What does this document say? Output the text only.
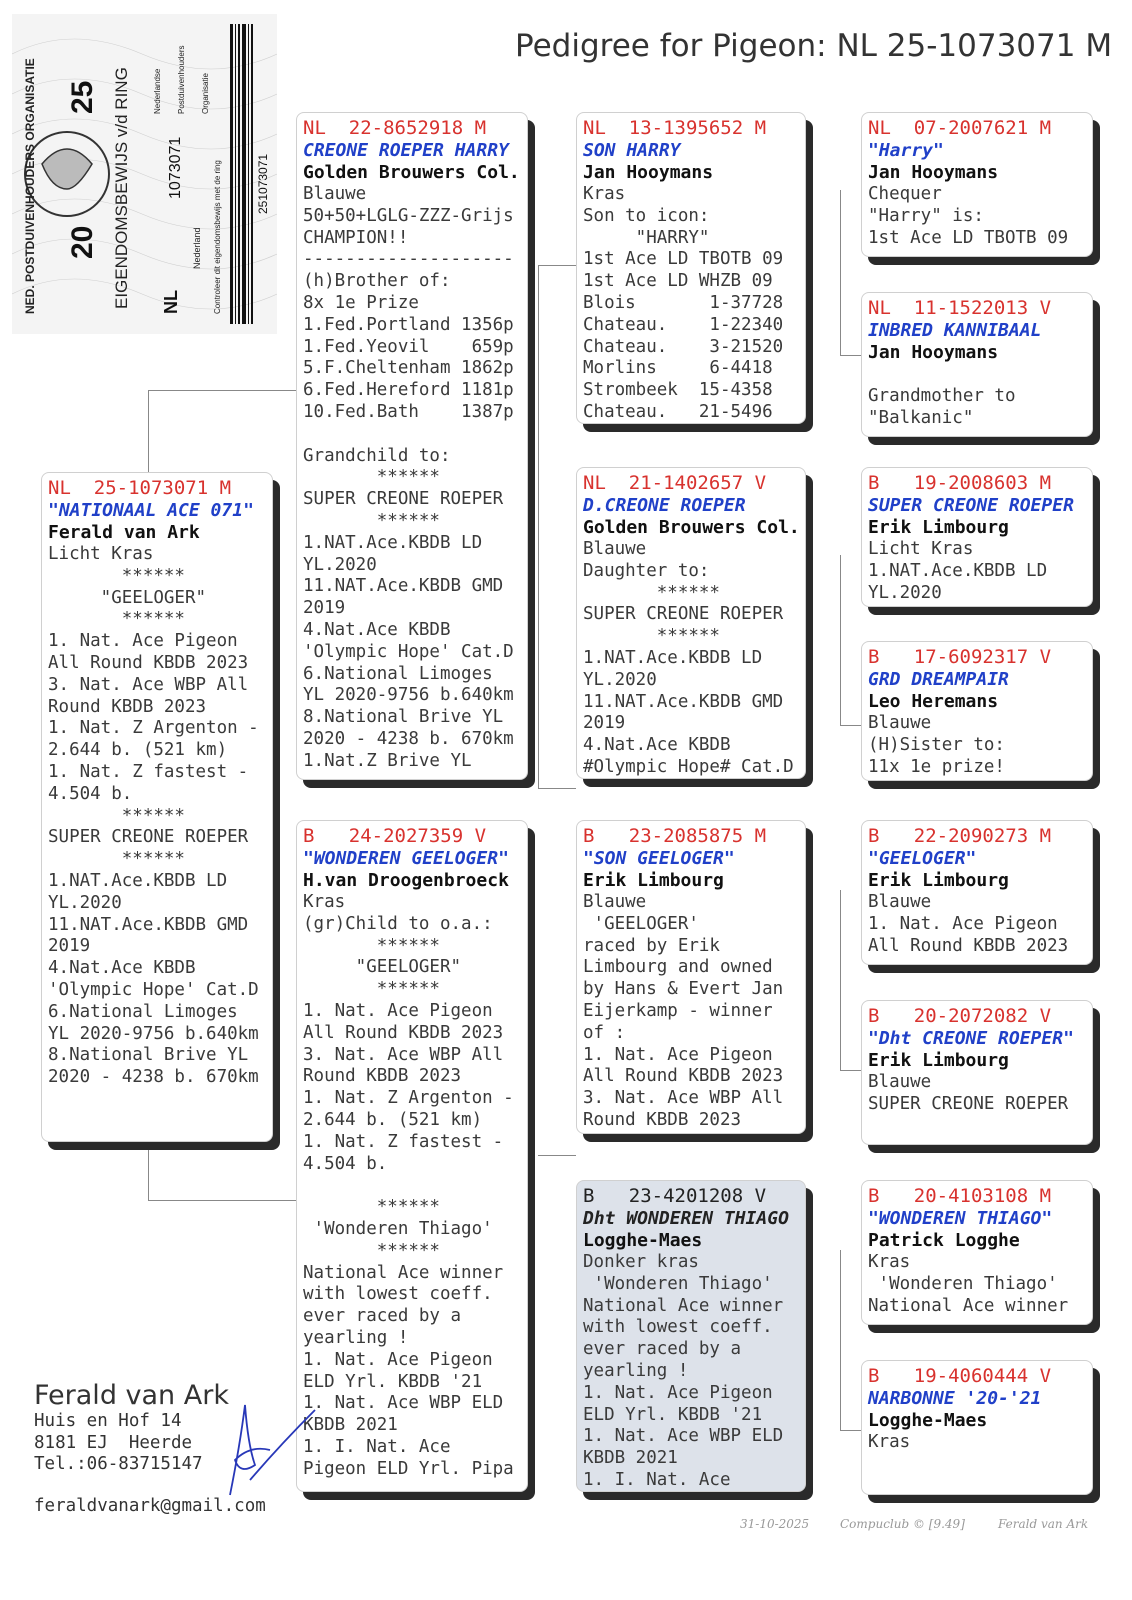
Pedigree for Pigeon: NL 25-1073071 M
NED. POSTDUIVENHOUDERS ORGANISATIE 20
25 EIGENDOMSBEWIJS v/d RING NL
1073071
Nederlandse Postduivenhouders Organisatie
Nederland Controleer dit eigendomsbewijs met de ring	251073071
NL  25-1073071 M
"NATIONAAL ACE 071"
Ferald van Ark
Licht Kras
******
"GEELOGER"
******
1. Nat. Ace Pigeon
All Round KBDB 2023
3. Nat. Ace WBP All
Round KBDB 2023
1. Nat. Z Argenton -
2.644 b. (521 km)
1. Nat. Z fastest -
4.504 b.
******
SUPER CREONE ROEPER
******
1.NAT.Ace.KBDB LD
YL.2020
11.NAT.Ace.KBDB GMD
2019
4.Nat.Ace KBDB
'Olympic Hope' Cat.D
6.National Limoges
YL 2020-9756 b.640km
8.National Brive YL
2020 - 4238 b. 670km
NL  22-8652918 M
CREONE ROEPER HARRY
Golden Brouwers Col.
Blauwe
50+50+LGLG-ZZZ-Grijs
CHAMPION!!
--------------------
(h)Brother of:
8x 1e Prize
1.Fed.Portland 1356p
1.Fed.Yeovil    659p
5.F.Cheltenham 1862p
6.Fed.Hereford 1181p
10.Fed.Bath    1387p

Grandchild to:
******
SUPER CREONE ROEPER
******
1.NAT.Ace.KBDB LD
YL.2020
11.NAT.Ace.KBDB GMD
2019
4.Nat.Ace KBDB
'Olympic Hope' Cat.D
6.National Limoges
YL 2020-9756 b.640km
8.National Brive YL
2020 - 4238 b. 670km
1.Nat.Z Brive YL
B   24-2027359 V
"WONDEREN GEELOGER"
H.van Droogenbroeck
Kras
(gr)Child to o.a.:
******
"GEELOGER"
******
1. Nat. Ace Pigeon
All Round KBDB 2023
3. Nat. Ace WBP All
Round KBDB 2023
1. Nat. Z Argenton -
2.644 b. (521 km)
1. Nat. Z fastest -
4.504 b.

******
'Wonderen Thiago'
******
National Ace winner
with lowest coeff.
ever raced by a
yearling !
1. Nat. Ace Pigeon
ELD Yrl. KBDB '21
1. Nat. Ace WBP ELD
KBDB 2021
1. I. Nat. Ace
Pigeon ELD Yrl. Pipa
NL  13-1395652 M
SON HARRY
Jan Hooymans
Kras
Son to icon:
"HARRY"
1st Ace LD TBOTB 09
1st Ace LD WHZB 09
Blois       1-37728
Chateau.    1-22340
Chateau.    3-21520
Morlins     6-4418
Strombeek  15-4358
Chateau.   21-5496
NL  21-1402657 V
D.CREONE ROEPER
Golden Brouwers Col.
Blauwe
Daughter to:
******
SUPER CREONE ROEPER
******
1.NAT.Ace.KBDB LD
YL.2020
11.NAT.Ace.KBDB GMD
2019
4.Nat.Ace KBDB
#Olympic Hope# Cat.D
B   23-2085875 M
"SON GEELOGER"
Erik Limbourg
Blauwe
'GEELOGER'
raced by Erik
Limbourg and owned
by Hans & Evert Jan
Eijerkamp - winner
of :
1. Nat. Ace Pigeon
All Round KBDB 2023
3. Nat. Ace WBP All
Round KBDB 2023
B   23-4201208 V
Dht WONDEREN THIAGO
Logghe-Maes
Donker kras
'Wonderen Thiago'
National Ace winner
with lowest coeff.
ever raced by a
yearling !
1. Nat. Ace Pigeon
ELD Yrl. KBDB '21
1. Nat. Ace WBP ELD
KBDB 2021
1. I. Nat. Ace
NL  07-2007621 M
"Harry"
Jan Hooymans
Chequer
"Harry" is:
1st Ace LD TBOTB 09
NL  11-1522013 V
INBRED KANNIBAAL
Jan Hooymans

Grandmother to
"Balkanic"
B   19-2008603 M
SUPER CREONE ROEPER
Erik Limbourg
Licht Kras
1.NAT.Ace.KBDB LD
YL.2020
B   17-6092317 V
GRD DREAMPAIR
Leo Heremans
Blauwe
(H)Sister to:
11x 1e prize!
B   22-2090273 M
"GEELOGER"
Erik Limbourg
Blauwe
1. Nat. Ace Pigeon
All Round KBDB 2023
B   20-2072082 V
"Dht CREONE ROEPER"
Erik Limbourg
Blauwe
SUPER CREONE ROEPER
B   20-4103108 M
"WONDEREN THIAGO"
Patrick Logghe
Kras
'Wonderen Thiago'
National Ace winner
B   19-4060444 V
NARBONNE '20-'21
Logghe-Maes
Kras
Ferald van Ark
Huis en Hof 14
8181 EJ  Heerde
Tel.:06-83715147
feraldvanark@gmail.com
31-10-2025	Compuclub © [9.49]	Ferald van Ark
